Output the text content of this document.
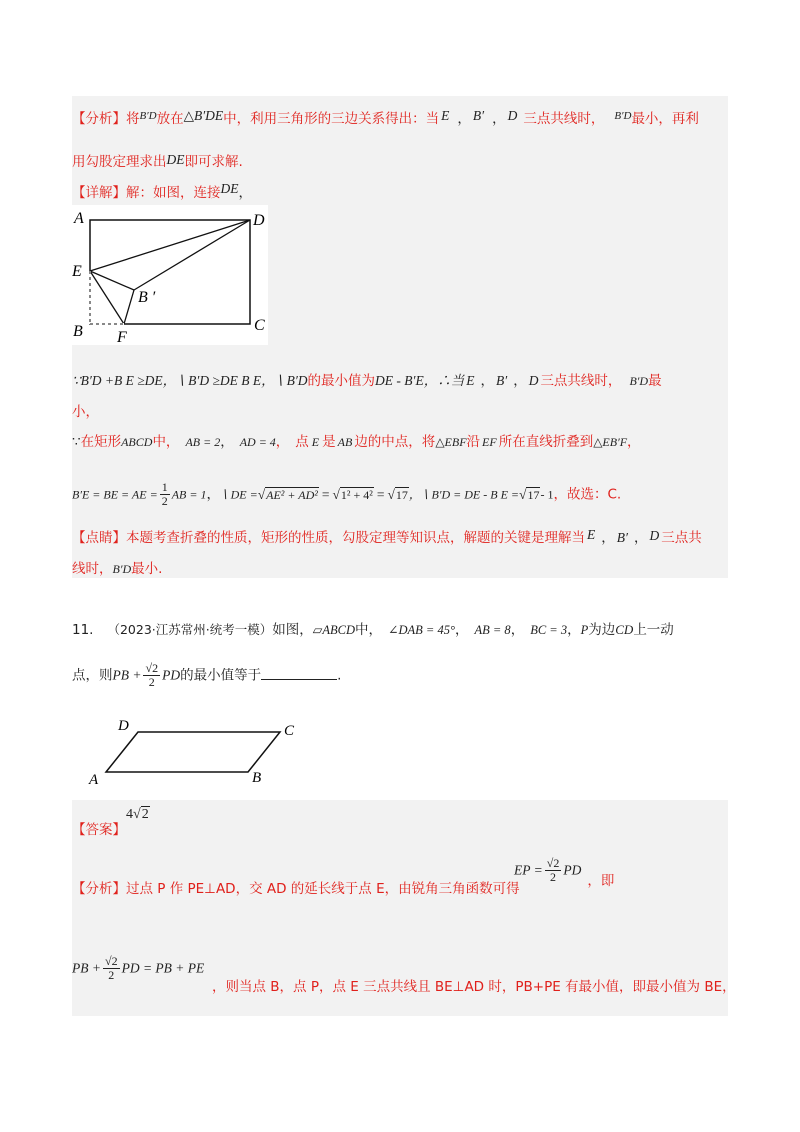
【分析】将$^{B'D}$放在△B′DE中，利用三角形的三边关系得出：当 E ， B′ ， D 三点共线时， $^{B'D}$最小，再利
用勾股定理求出DE即可求解.
【详解】解：如图，连接DE，
A	D
E
B ′
B F
C
∵B′D +B E ≥DE，∖ B′D ≥DE B E，∖ B′D的最小值为DE - B′E，∴当 E ， B′ ， D 三点共线时， B′D最
小，
∵在矩形ABCD中， AB = 2， AD = 4， 点 E 是 AB 边的中点，将△EBF沿 EF 所在直线折叠到△EB′F，
B′E = BE = AE = $\frac{1}{2}$ AB = 1，∖ DE =√AE² + AD² = √1² + 4² = √17，∖ B′D = DE - B E =√17- 1，故选：C.
【点睛】本题考查折叠的性质，矩形的性质，勾股定理等知识点，解题的关键是理解当 E ， B′ ， D 三点共
线时，B′D最小.
11. （2023·江苏常州·统考一模）如图，▱ABCD中， ∠DAB = 45°， AB = 8， BC = 3，P为边CD上一动
点，则PB + $\frac{√2}{2}$ PD的最小值等于	.
D	C
A	B
4√2
【答案】
【分析】过点 P 作 PE⊥AD，交 AD 的延长线于点 E，由锐角三角函数可得
EP = $\frac{√2}{2}$ PD，即
PB + $\frac{√2}{2}$ PD = PB + PE
，则当点 B，点 P，点 E 三点共线且 BE⊥AD 时，PB+PE 有最小值，即最小值为 BE，
